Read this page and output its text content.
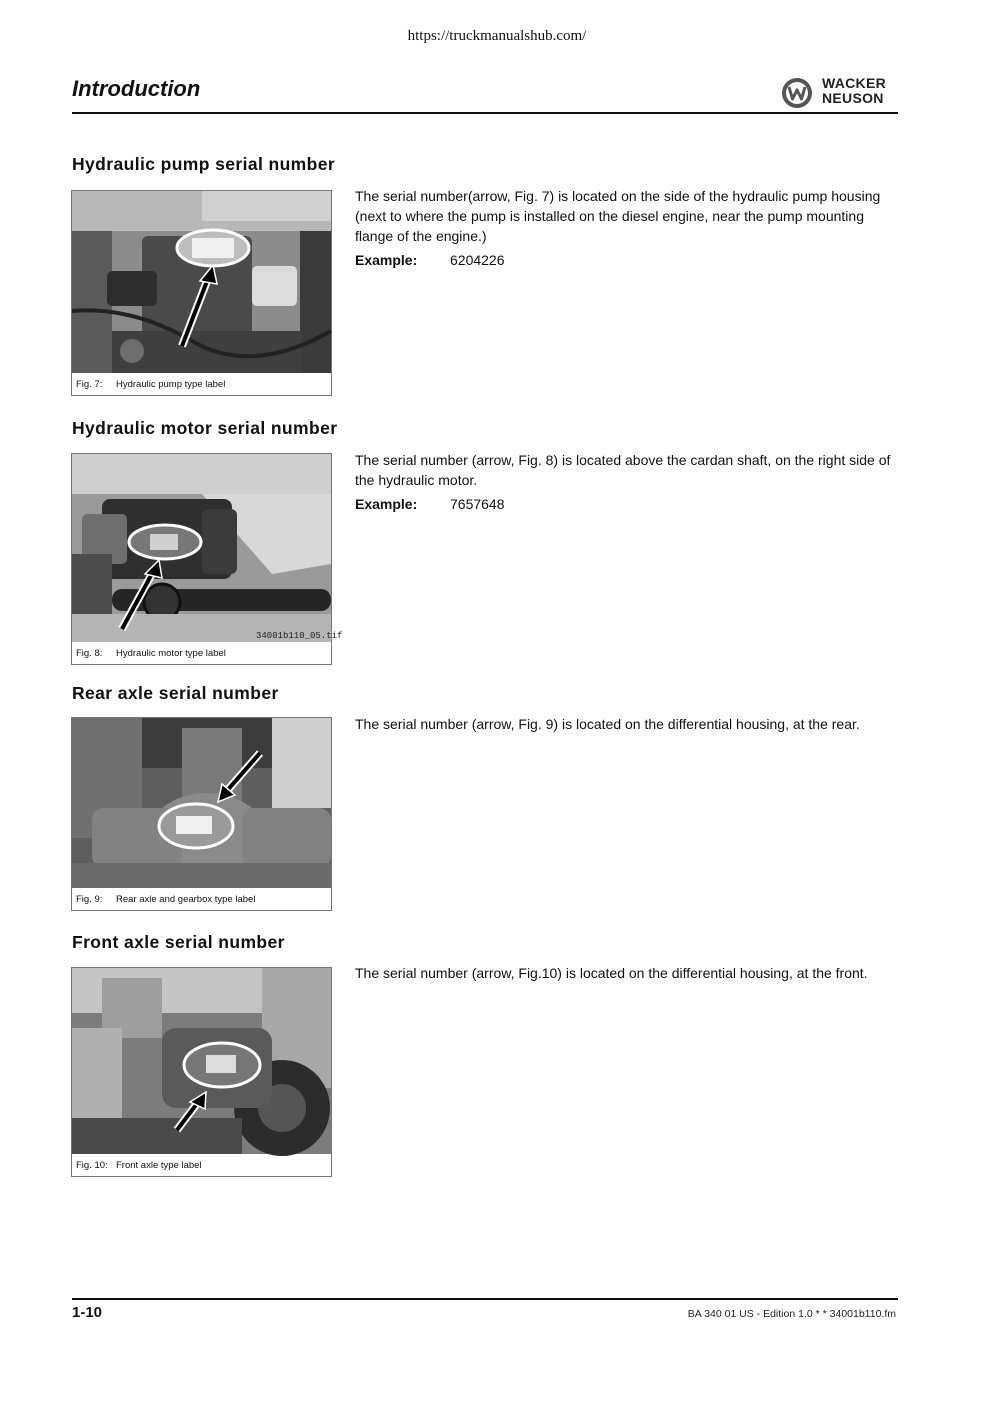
https://truckmanualshub.com/
Introduction	WACKER
NEUSON
Hydraulic pump serial number
Fig. 7: Hydraulic pump type label
The serial number(arrow, Fig. 7) is located on the side of the hydraulic pump housing (next to where the pump is installed on the diesel engine, near the pump mounting flange of the engine.)
Example: 6204226
Hydraulic motor serial number
34001b110_05.tif
Fig. 8: Hydraulic motor type label
The serial number (arrow, Fig. 8) is located above the cardan shaft, on the right side of the hydraulic motor.
Example: 7657648
Rear axle serial number
Fig. 9: Rear axle and gearbox type label
The serial number (arrow, Fig. 9) is located on the differential housing, at the rear.
Front axle serial number
Fig. 10: Front axle type label
The serial number (arrow, Fig.10) is located on the differential housing, at the front.
1-10	BA 340 01 US - Edition 1.0 * * 34001b110.fm
